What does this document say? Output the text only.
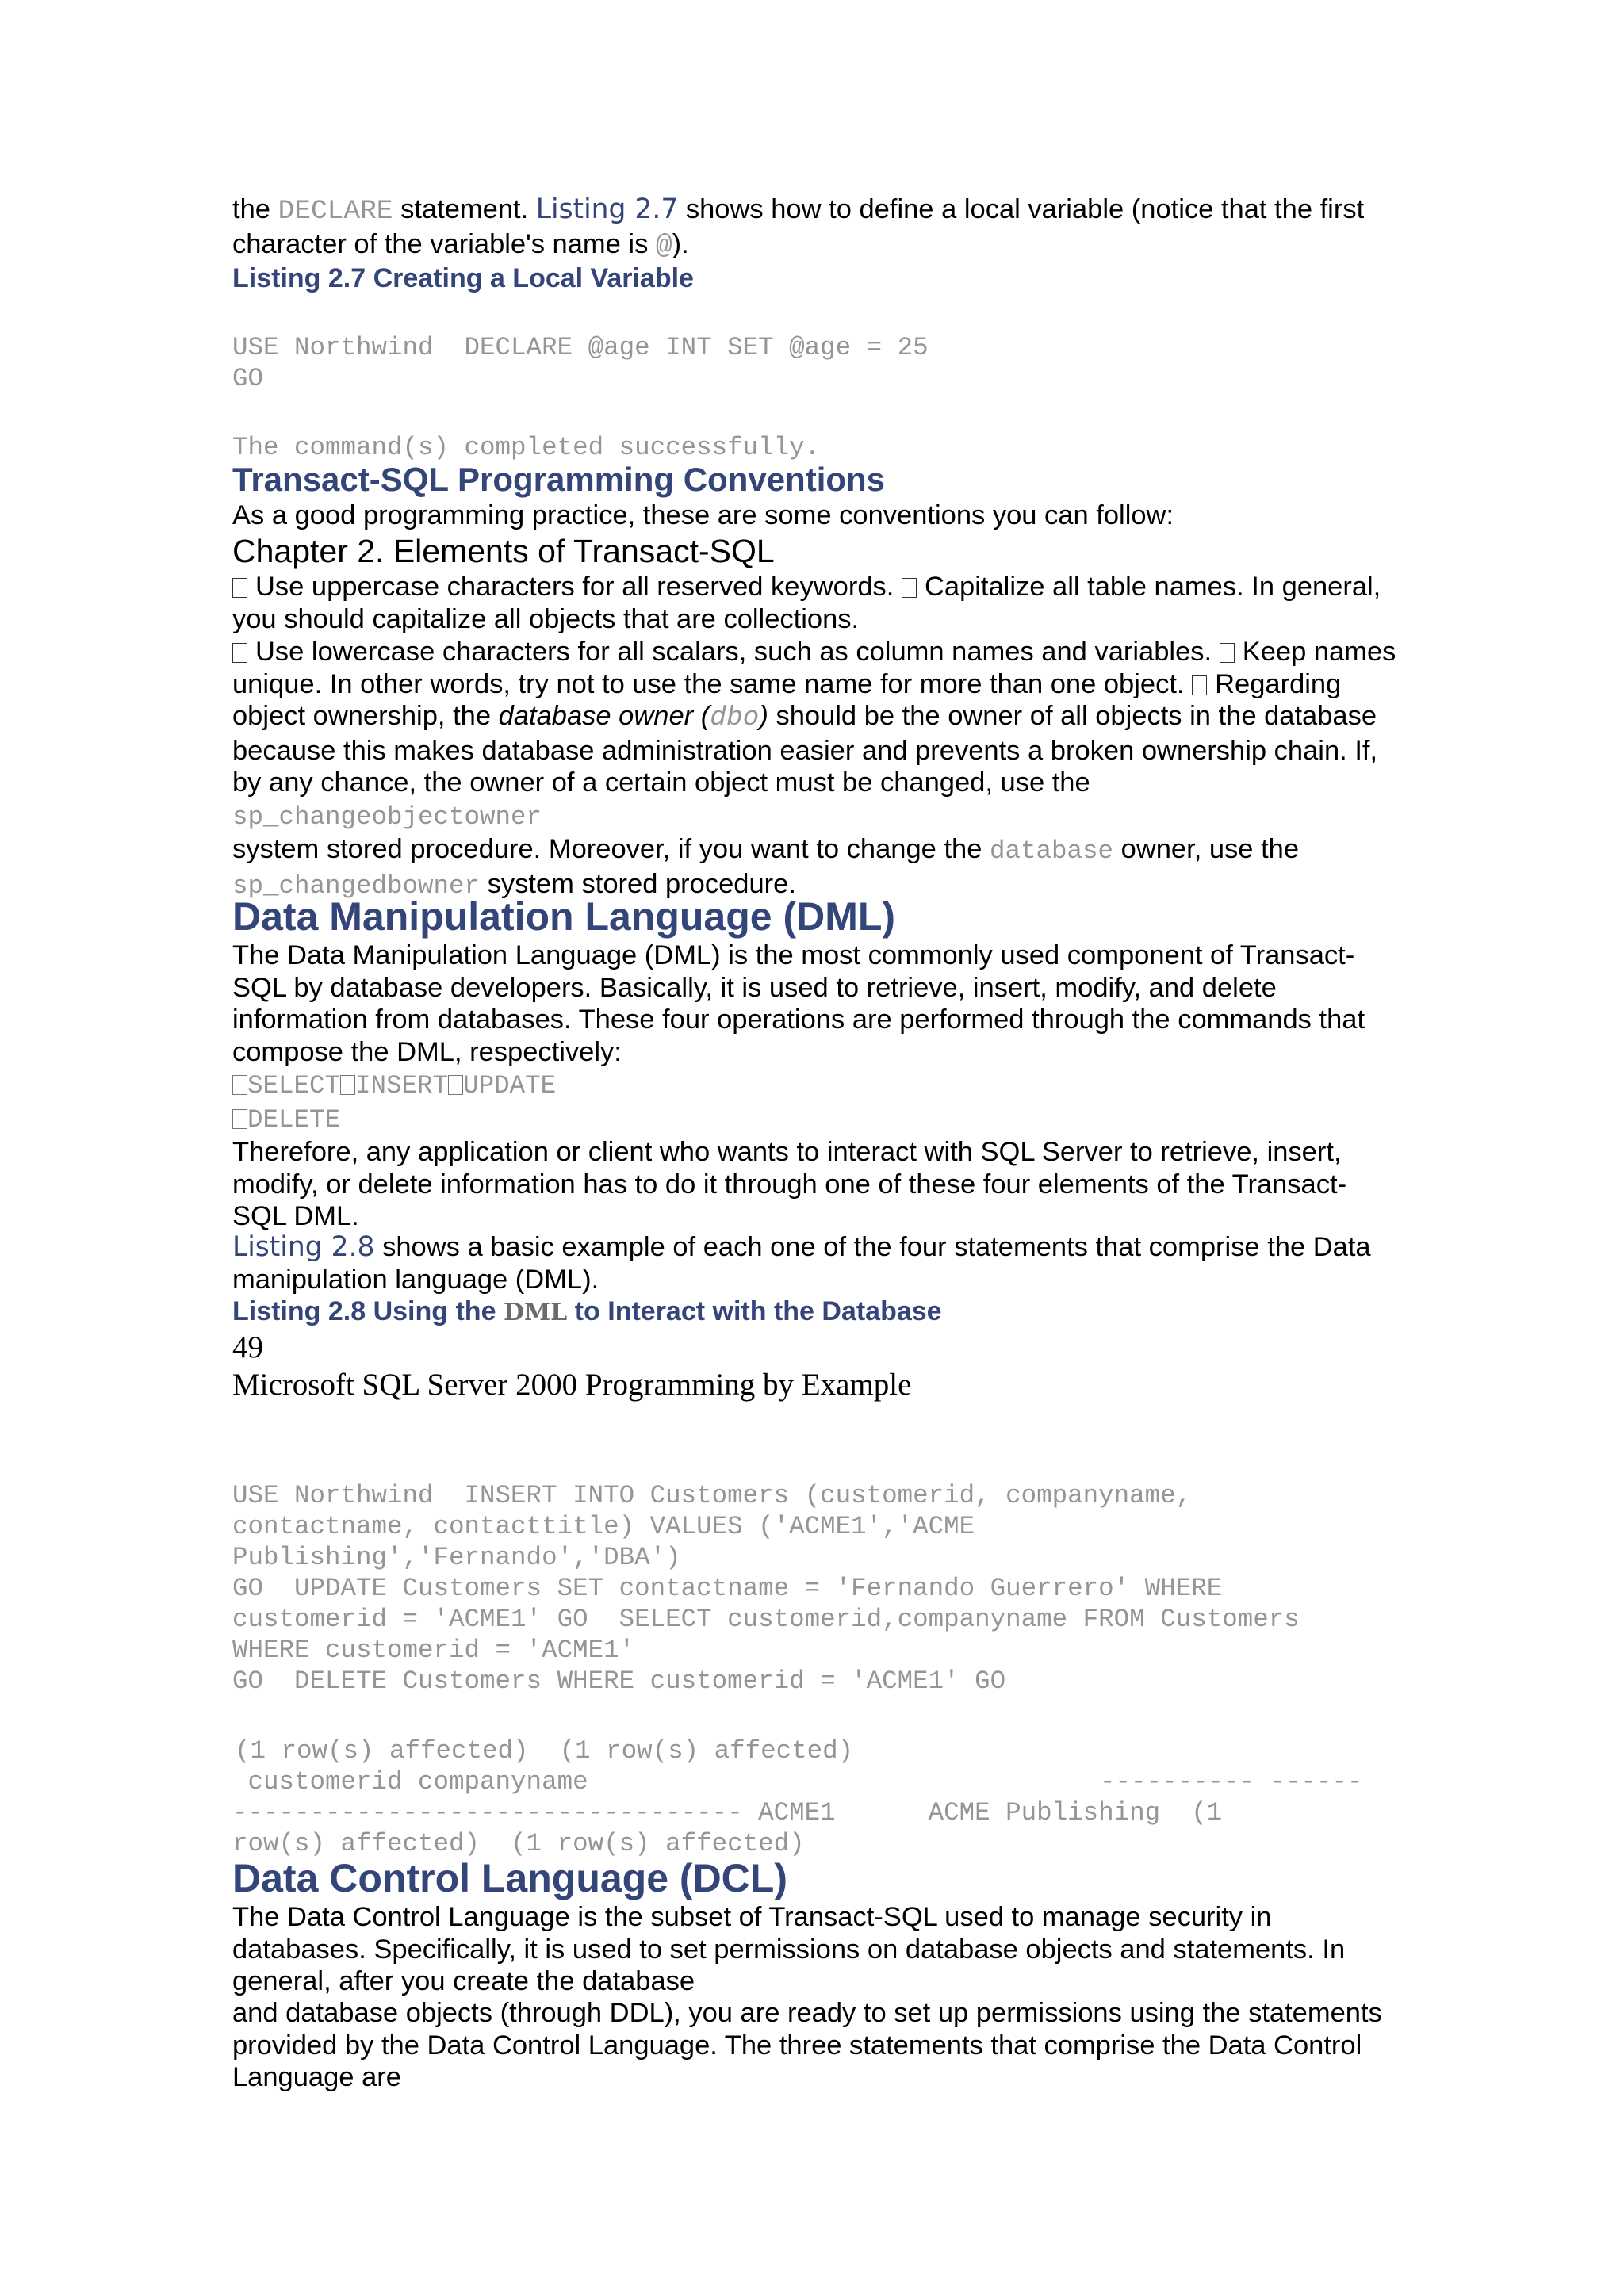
the DECLARE statement. Listing 2.7 shows how to define a local variable (notice that the first character of the variable's name is @).

Listing 2.7 Creating a Local Variable
USE Northwind  DECLARE @age INT SET @age = 25
GO
The command(s) completed successfully.
Transact-SQL Programming Conventions

As a good programming practice, these are some conventions you can follow:

Chapter 2. Elements of Transact-SQL

Use uppercase characters for all reserved keywords. Capitalize all table names. In general, you should capitalize all objects that are collections.

Use lowercase characters for all scalars, such as column names and variables. Keep names unique. In other words, try not to use the same name for more than one object. Regarding object ownership, the database owner (dbo) should be the owner of all objects in the database because this makes database administration easier and prevents a broken ownership chain. If, by any chance, the owner of a certain object must be changed, use the
sp_changeobjectowner
system stored procedure. Moreover, if you want to change the database owner, use the
sp_changedbowner system stored procedure.

Data Manipulation Language (DML)

The Data Manipulation Language (DML) is the most commonly used component of Transact-SQL by database developers. Basically, it is used to retrieve, insert, modify, and delete information from databases. These four operations are performed through the commands that compose the DML, respectively:

SELECT INSERT UPDATE
DELETE

Therefore, any application or client who wants to interact with SQL Server to retrieve, insert, modify, or delete information has to do it through one of these four elements of the Transact-SQL DML.

Listing 2.8 shows a basic example of each one of the four statements that comprise the Data manipulation language (DML).

Listing 2.8 Using the DML to Interact with the Database
49
Microsoft SQL Server 2000 Programming by Example
USE Northwind  INSERT INTO Customers (customerid, companyname,
contactname, contacttitle) VALUES ('ACME1','ACME
Publishing','Fernando','DBA')
GO  UPDATE Customers SET contactname = 'Fernando Guerrero' WHERE
customerid = 'ACME1' GO  SELECT customerid,companyname FROM Customers
WHERE customerid = 'ACME1'
GO  DELETE Customers WHERE customerid = 'ACME1' GO
(1 row(s) affected)  (1 row(s) affected)
customerid companyname	---------- ------
--------------------------------- ACME1      ACME Publishing  (1
row(s) affected)  (1 row(s) affected)
Data Control Language (DCL)

The Data Control Language is the subset of Transact-SQL used to manage security in databases. Specifically, it is used to set permissions on database objects and statements. In general, after you create the database

and database objects (through DDL), you are ready to set up permissions using the statements provided by the Data Control Language. The three statements that comprise the Data Control Language are
